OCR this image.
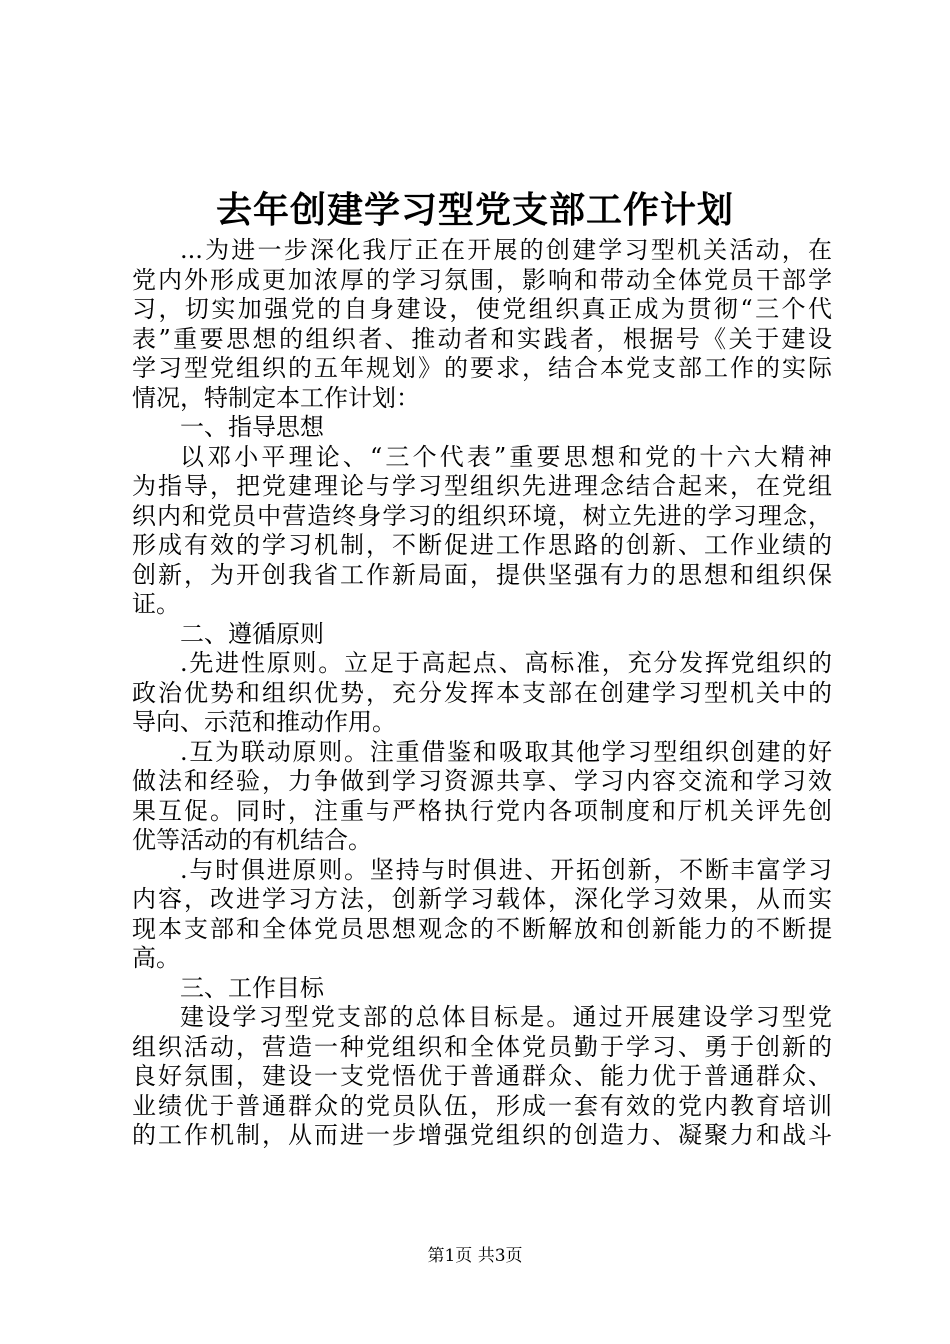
去年创建学习型党支部工作计划
...为进一步深化我厅正在开展的创建学习型机关活动，在
党内外形成更加浓厚的学习氛围，影响和带动全体党员干部学
习，切实加强党的自身建设，使党组织真正成为贯彻“三个代
表”重要思想的组织者、推动者和实践者，根据号《关于建设
学习型党组织的五年规划》的要求，结合本党支部工作的实际
情况，特制定本工作计划：
一、指导思想
以邓小平理论、“三个代表”重要思想和党的十六大精神
为指导，把党建理论与学习型组织先进理念结合起来，在党组
织内和党员中营造终身学习的组织环境，树立先进的学习理念，
形成有效的学习机制，不断促进工作思路的创新、工作业绩的
创新，为开创我省工作新局面，提供坚强有力的思想和组织保
证。
二、遵循原则
.先进性原则。立足于高起点、高标准，充分发挥党组织的
政治优势和组织优势，充分发挥本支部在创建学习型机关中的
导向、示范和推动作用。
.互为联动原则。注重借鉴和吸取其他学习型组织创建的好
做法和经验，力争做到学习资源共享、学习内容交流和学习效
果互促。同时，注重与严格执行党内各项制度和厅机关评先创
优等活动的有机结合。
.与时俱进原则。坚持与时俱进、开拓创新，不断丰富学习
内容，改进学习方法，创新学习载体，深化学习效果，从而实
现本支部和全体党员思想观念的不断解放和创新能力的不断提
高。
三、工作目标
建设学习型党支部的总体目标是。通过开展建设学习型党
组织活动，营造一种党组织和全体党员勤于学习、勇于创新的
良好氛围，建设一支党悟优于普通群众、能力优于普通群众、
业绩优于普通群众的党员队伍，形成一套有效的党内教育培训
的工作机制，从而进一步增强党组织的创造力、凝聚力和战斗
第1页 共3页
